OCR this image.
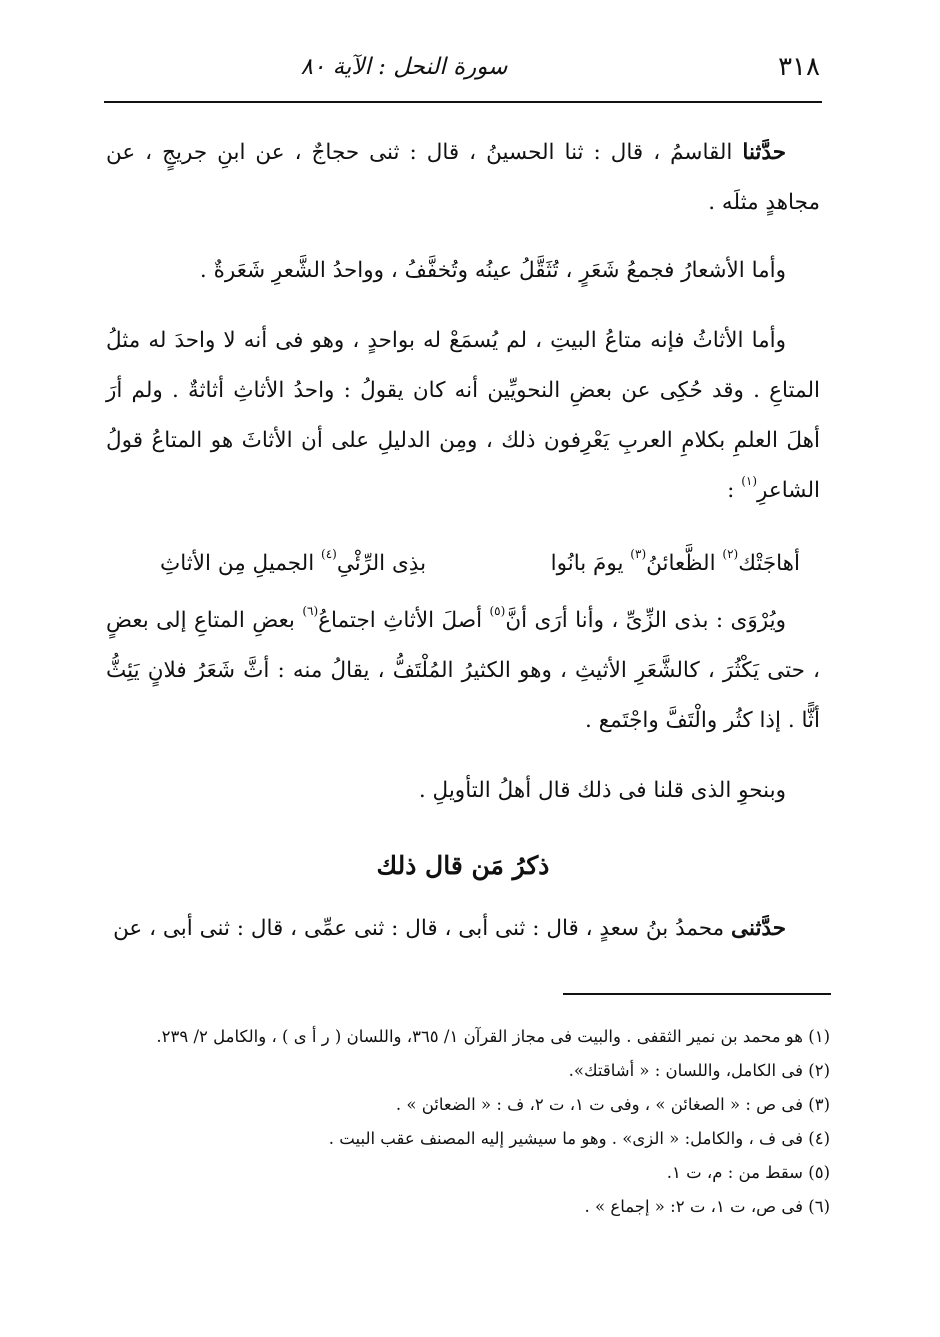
٣١٨
سورة النحل : الآية ٨٠
حدَّثنا القاسمُ ، قال : ثنا الحسينُ ، قال : ثنى حجاجٌ ، عن ابنِ جريجٍ ، عن مجاهدٍ مثلَه .
وأما الأشعارُ فجمعُ شَعَرٍ ، تُثَقَّلُ عينُه وتُخفَّفُ ، وواحدُ الشَّعرِ شَعَرةٌ .
وأما الأثاثُ فإنه متاعُ البيتِ ، لم يُسمَعْ له بواحدٍ ، وهو فى أنه لا واحدَ له مثلُ المتاعِ . وقد حُكِى عن بعضِ النحويِّين أنه كان يقولُ : واحدُ الأثاثِ أثاثةٌ . ولم أرَ أهلَ العلمِ بكلامِ العربِ يَعْرِفون ذلك ، ومِن الدليلِ على أن الأثاثَ هو المتاعُ قولُ الشاعرِ$^{(١)}$ :
أهاجَتْك$^{(٢)}$ الظَّعائنُ$^{(٣)}$ يومَ بانُوا
بذِى الرِّئْىِ$^{(٤)}$ الجميلِ مِن الأثاثِ
ويُرْوَى : بذى الزِّىِّ ، وأنا أرَى أنَّ$^{(٥)}$ أصلَ الأثاثِ اجتماعُ$^{(٦)}$ بعضِ المتاعِ إلى بعضٍ ، حتى يَكْثُرَ ، كالشَّعَرِ الأثيثِ ، وهو الكثيرُ المُلْتَفُّ ، يقالُ منه : أثَّ شَعَرُ فلانٍ يَئِثُّ أثًّا . إذا كثُر والْتَفَّ واجْتَمع .
وبنحوِ الذى قلنا فى ذلك قال أهلُ التأويلِ .
ذكرُ مَن قال ذلك
حدَّثنى محمدُ بنُ سعدٍ ، قال : ثنى أبى ، قال : ثنى عمِّى ، قال : ثنى أبى ، عن
(١) هو محمد بن نمير الثقفى . والبيت فى مجاز القرآن ١/ ٣٦٥، واللسان ( ر أ ى ) ، والكامل ٢/ ٢٣٩.
(٢) فى الكامل، واللسان : « أشاقتك».
(٣) فى ص : « الصغائن » ، وفى ت ١، ت ٢، ف : « الضعائن » .
(٤) فى ف ، والكامل: « الزى» . وهو ما سيشير إليه المصنف عقب البيت .
(٥) سقط من : م، ت ١.
(٦) فى ص، ت ١، ت ٢: « إجماع » .
